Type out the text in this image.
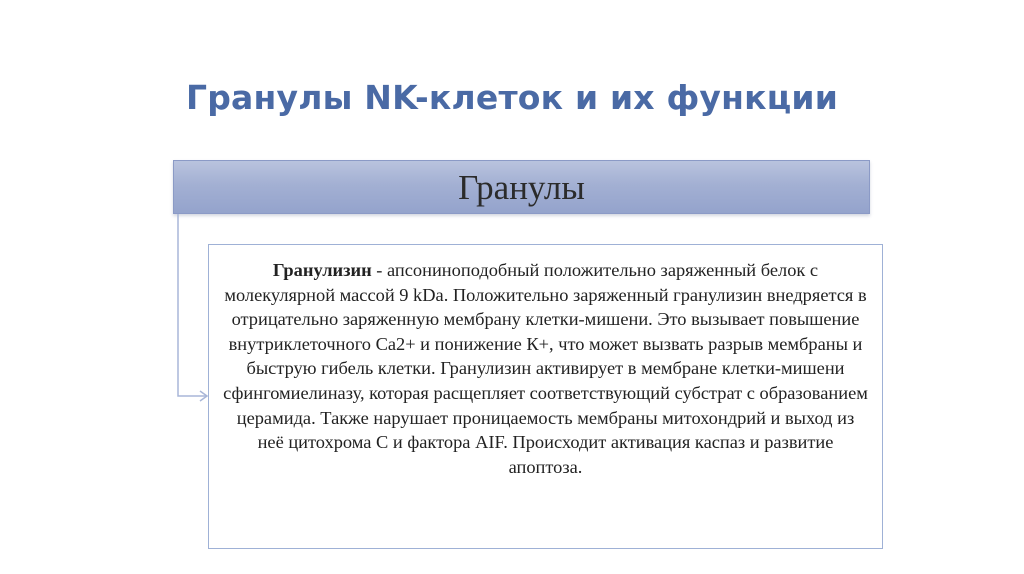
Гранулы NK-клеток и их функции
Гранулы
Гранулизин - апсониноподобный положительно заряженный белок с молекулярной массой 9 kDa. Положительно заряженный гранулизин внедряется в отрицательно заряженную мембрану клетки-мишени. Это вызывает повышение внутриклеточного Са2+ и понижение К+, что может вызвать разрыв мембраны и быструю гибель клетки. Гранулизин активирует в мембране клетки-мишени сфингомиелиназу, которая расщепляет соответствующий субстрат с образованием церамида. Также нарушает проницаемость мембраны митохондрий и выход из неё цитохрома С и фактора AIF. Происходит активация каспаз и развитие апоптоза.
